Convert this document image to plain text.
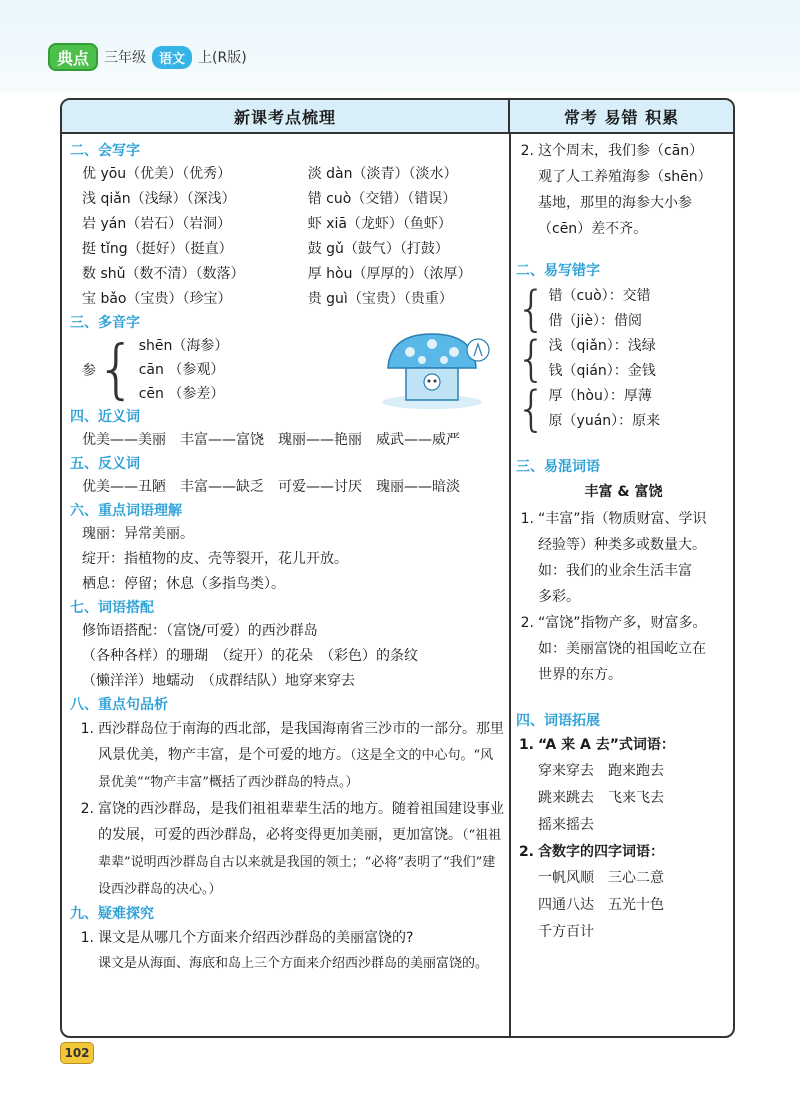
典点 三年级	语文 上(R版)
新课考点梳理	常考 易错 积累
二、会写字
优 yōu（优美）（优秀）	淡 dàn（淡青）（淡水）
浅 qiǎn（浅绿）（深浅）	错 cuò（交错）（错误）
岩 yán（岩石）（岩洞）	虾 xiā（龙虾）（鱼虾）
挺 tǐng（挺好）（挺直）	鼓 gǔ（鼓气）（打鼓）
数 shǔ（数不清）（数落）	厚 hòu（厚厚的）（浓厚）
宝 bǎo（宝贵）（珍宝）	贵 guì（宝贵）（贵重）
三、多音字
参 { shēn（海参）
cān （参观）
cēn （参差）
四、近义词
优美——美丽　丰富——富饶　瑰丽——艳丽　威武——威严
五、反义词
优美——丑陋　丰富——缺乏　可爱——讨厌　瑰丽——暗淡
六、重点词语理解
瑰丽：异常美丽。
绽开：指植物的皮、壳等裂开，花儿开放。
栖息：停留；休息（多指鸟类）。
七、词语搭配
修饰语搭配：（富饶/可爱）的西沙群岛
（各种各样）的珊瑚　（绽开）的花朵　（彩色）的条纹
（懒洋洋）地蠕动　（成群结队）地穿来穿去
八、重点句品析
1. 西沙群岛位于南海的西北部，是我国海南省三沙市的一部分。那里风景优美，物产丰富，是个可爱的地方。（这是全文的中心句。“风景优美”“物产丰富”概括了西沙群岛的特点。）
2. 富饶的西沙群岛，是我们祖祖辈辈生活的地方。随着祖国建设事业的发展，可爱的西沙群岛，必将变得更加美丽，更加富饶。（“祖祖辈辈”说明西沙群岛自古以来就是我国的领土；“必将”表明了“我们”建设西沙群岛的决心。）
九、疑难探究
1. 课文是从哪几个方面来介绍西沙群岛的美丽富饶的?
课文是从海面、海底和岛上三个方面来介绍西沙群岛的美丽富饶的。
2. 这个周末，我们参（cān）
观了人工养殖海参（shēn）
基地，那里的海参大小参
（cēn）差不齐。
二、易写错字
{ 错（cuò）：交错
借（jiè）：借阅
{ 浅（qiǎn）：浅绿
钱（qián）：金钱
{ 厚（hòu）：厚薄
原（yuán）：原来
三、易混词语
丰富 & 富饶
1. “丰富”指（物质财富、学识
经验等）种类多或数量大。
如：我们的业余生活丰富
多彩。
2. “富饶”指物产多，财富多。
如：美丽富饶的祖国屹立在
世界的东方。
四、词语拓展
1. “A 来 A 去”式词语：
穿来穿去　跑来跑去
跳来跳去　飞来飞去
摇来摇去
2. 含数字的四字词语：
一帆风顺　三心二意
四通八达　五光十色
千方百计
102
